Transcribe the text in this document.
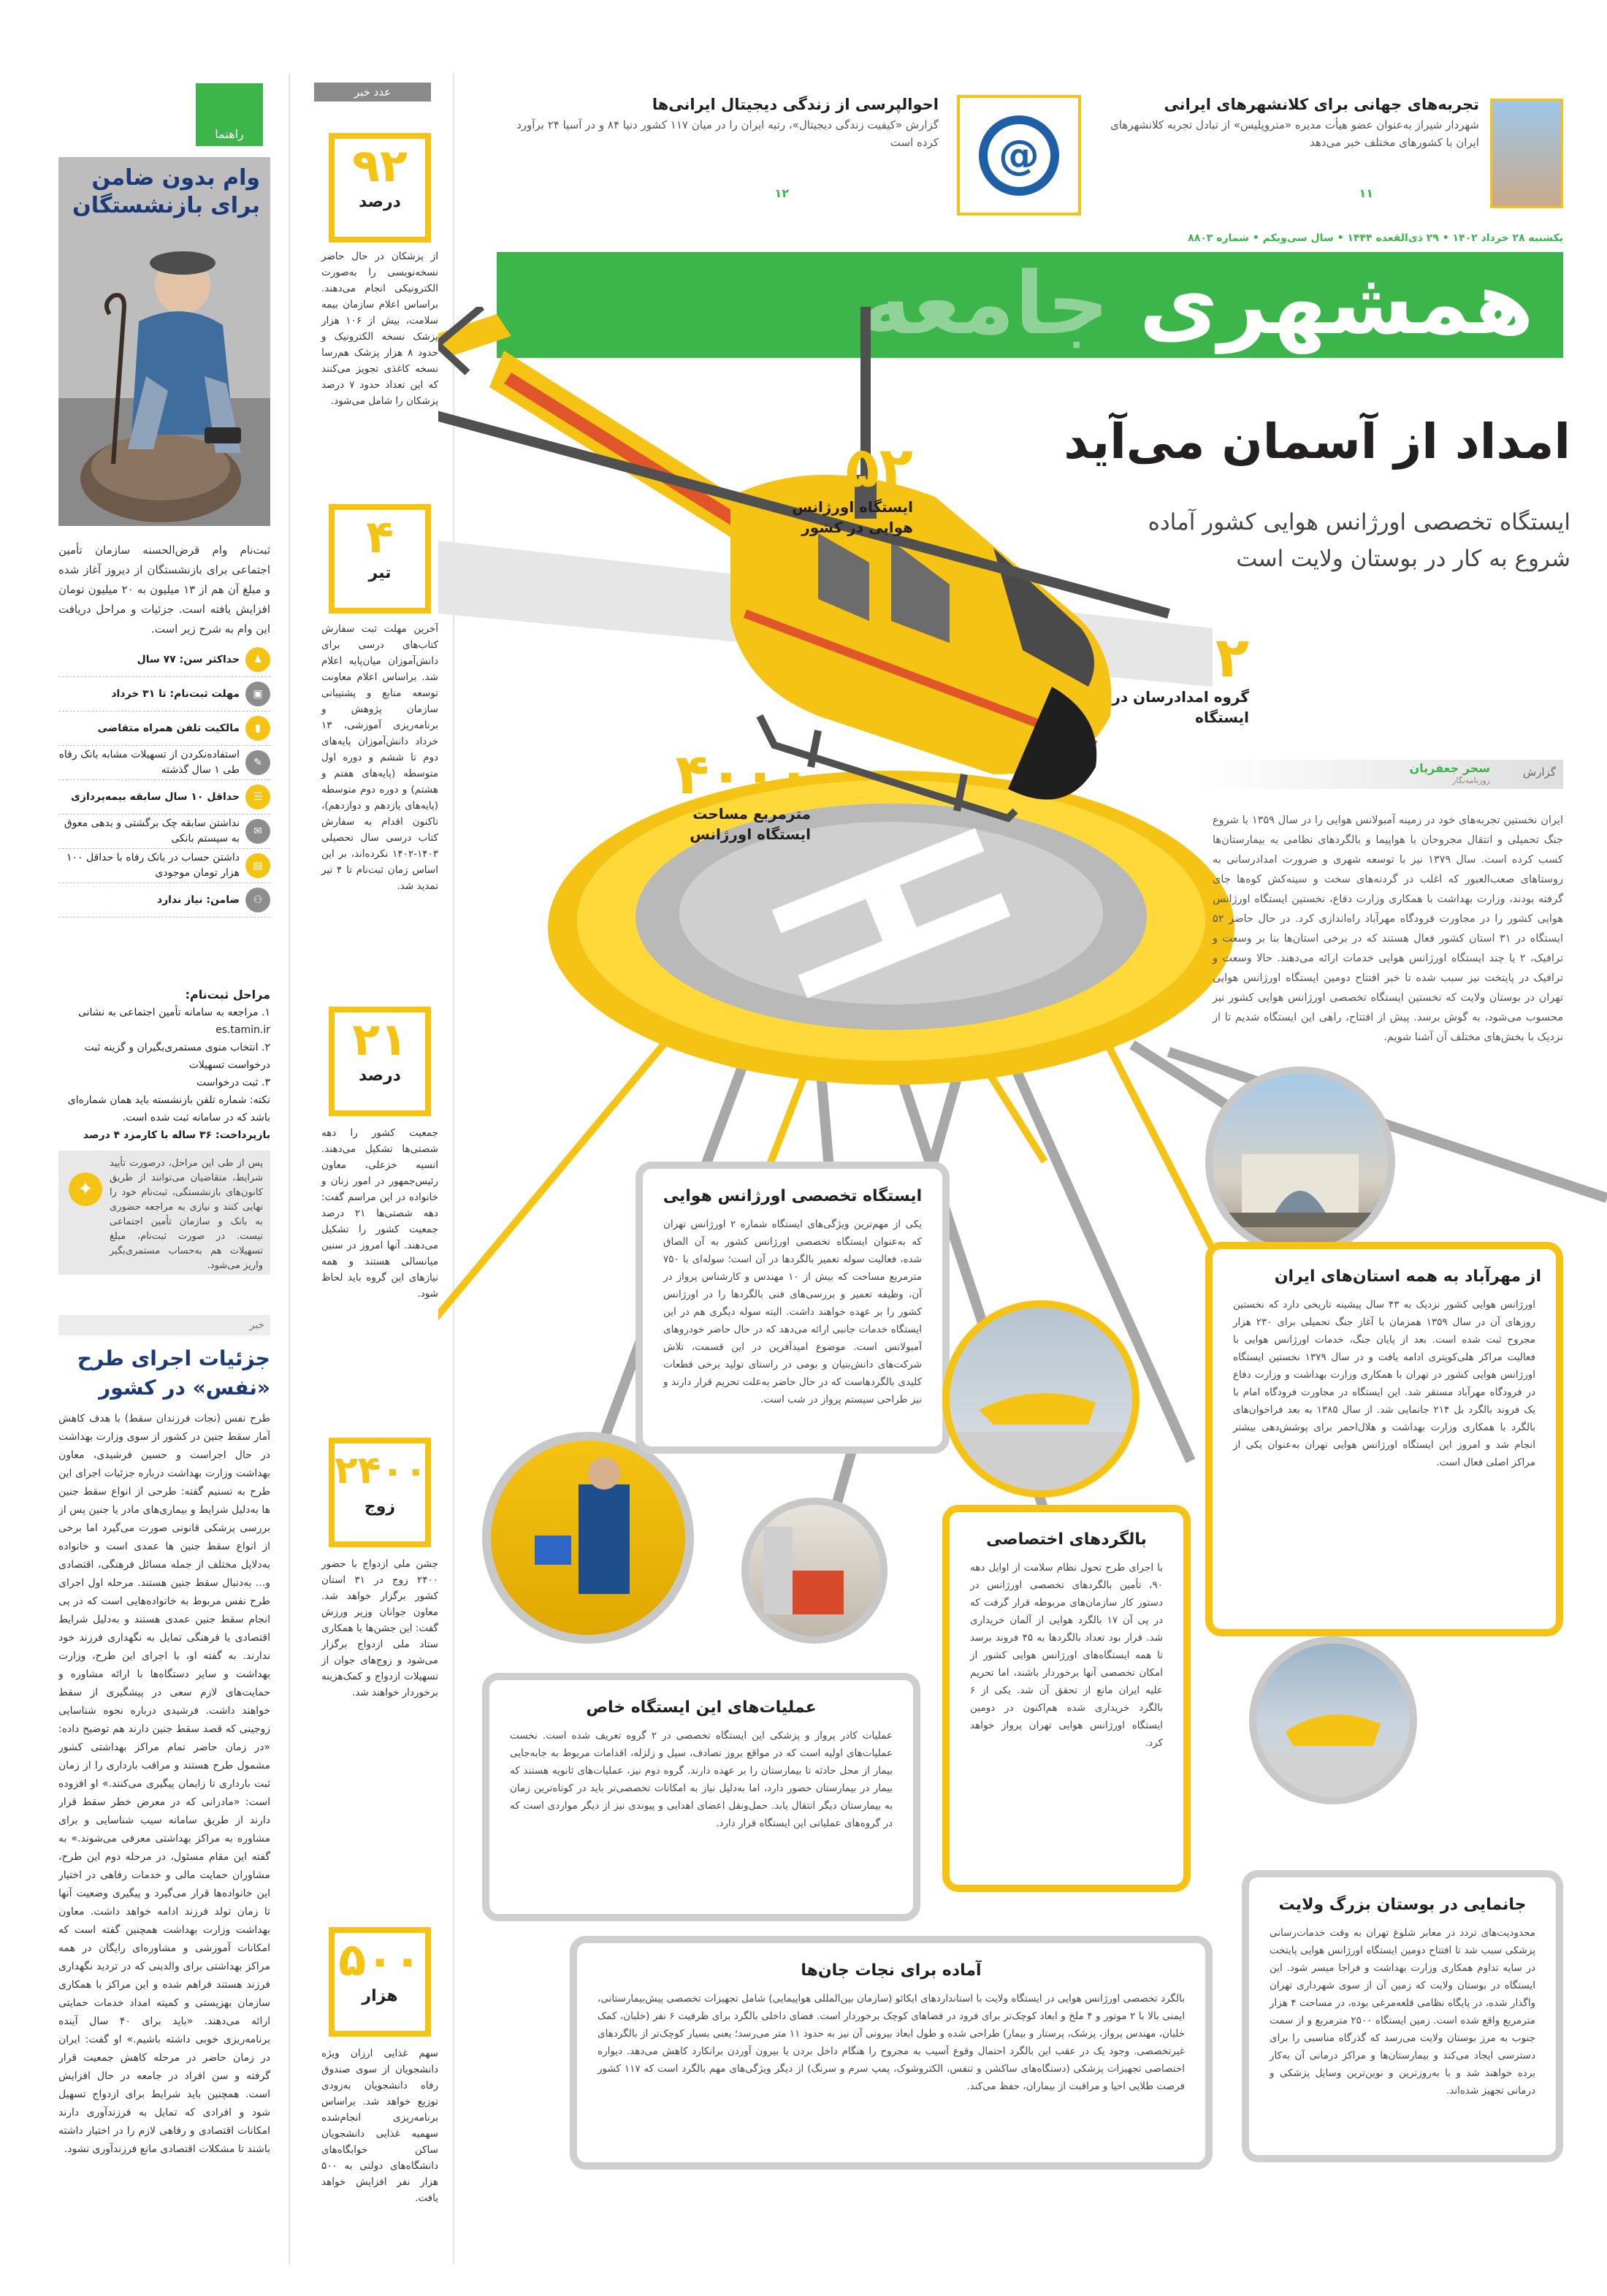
راهنما
وام بدون ضامن برای بازنشستگان
ثبت‌نام وام قرض‌الحسنه سازمان تأمین اجتماعی برای بازنشستگان از دیروز آغاز شده و مبلغ آن هم از ۱۳ میلیون به ۲۰ میلیون تومان افزایش یافته است. جزئیات و مراحل دریافت این وام به شرح زیر است.
♟
حداکثر سن: ۷۷ سال
▣
مهلت ثبت‌نام: تا ۳۱ خرداد
▮
مالکیت تلفن همراه متقاضی
✎
استفاده‌نکردن از تسهیلات مشابه بانک رفاه طی ۱ سال گذشته
☰
حداقل ۱۰ سال سابقه بیمه‌پردازی
✉
نداشتن سابقه چک برگشتی و بدهی معوق به سیستم بانکی
▤
داشتن حساب در بانک رفاه با حداقل ۱۰۰ هزار تومان موجودی
⚇
ضامن: نیاز ندارد
مراحل ثبت‌نام:
۱. مراجعه به سامانه تأمین اجتماعی به نشانی es.tamin.ir
۲. انتخاب منوی مستمری‌بگیران و گزینه ثبت درخواست تسهیلات
۳. ثبت درخواست
نکته: شماره تلفن بازنشسته باید همان شماره‌ای باشد که در سامانه ثبت شده است.
بازپرداخت: ۳۶ ساله با کارمزد ۴ درصد
✦
پس از طی این مراحل، درصورت تأیید شرایط، متقاضیان می‌توانند از طریق کانون‌های بازنشستگی، ثبت‌نام خود را نهایی کنند و نیازی به مراجعه حضوری به بانک و سازمان تأمین اجتماعی نیست. در صورت ثبت‌نام، مبلغ تسهیلات هم به‌حساب مستمری‌بگیر واریز می‌شود.
خبر
جزئیات اجرای طرح «نفس» در کشور
طرح نفس (نجات فرزندان سقط) با هدف کاهش آمار سقط جنین در کشور از سوی وزارت بهداشت در حال اجراست و حسین فرشیدی، معاون بهداشت وزارت بهداشت درباره جزئیات اجرای این طرح به تسنیم گفته: طرحی از انواع سقط جنین ها به‌دلیل شرایط و بیماری‌های مادر یا جنین پس از بررسی پزشکی قانونی صورت می‌گیرد اما برخی از انواع سقط جنین ها عمدی است و خانواده به‌دلایل مختلف از جمله مسائل فرهنگی، اقتصادی و... به‌دنبال سقط جنین هستند. مرحله اول اجرای طرح نفس مربوط به خانواده‌هایی است که در پی انجام سقط جنین عمدی هستند و به‌دلیل شرایط اقتصادی یا فرهنگی تمایل به نگهداری فرزند خود ندارند. به گفته او، با اجرای این طرح، وزارت بهداشت و سایر دستگاه‌ها با ارائه مشاوره و حمایت‌های لازم سعی در پیشگیری از سقط خواهند داشت. فرشیدی درباره نحوه شناسایی زوجینی که قصد سقط جنین دارند هم توضیح داده: «در زمان حاضر تمام مراکز بهداشتی کشور مشمول طرح هستند و مراقب بارداری را از زمان ثبت بارداری تا زایمان پیگیری می‌کنند.» او افزوده است: «مادرانی که در معرض خطر سقط قرار دارند از طریق سامانه سیب شناسایی و برای مشاوره به مراکز بهداشتی معرفی می‌شوند.» به گفته این مقام مسئول، در مرحله دوم این طرح، مشاوران حمایت مالی و خدمات رفاهی در اختیار این خانواده‌ها قرار می‌گیرد و پیگیری وضعیت آنها تا زمان تولد فرزند ادامه خواهد داشت. معاون بهداشت وزارت بهداشت همچنین گفته است که امکانات آموزشی و مشاوره‌ای رایگان در همه مراکز بهداشتی برای والدینی که در تردید نگهداری فرزند هستند فراهم شده و این مراکز با همکاری سازمان بهزیستی و کمیته امداد خدمات حمایتی ارائه می‌دهند. «باید برای ۴۰ سال آینده برنامه‌ریزی خوبی داشته باشیم.» او گفت: ایران در زمان حاضر در مرحله کاهش جمعیت قرار گرفته و سن افراد در جامعه در حال افزایش است. همچنین باید شرایط برای ازدواج تسهیل شود و افرادی که تمایل به فرزندآوری دارند امکانات اقتصادی و رفاهی لازم را در اختیار داشته باشند تا مشکلات اقتصادی مانع فرزندآوری نشود.
عدد خبر
۹۲
درصد
از پزشکان در حال حاضر نسخه‌نویسی را به‌صورت الکترونیکی انجام می‌دهند. براساس اعلام سازمان بیمه سلامت، بیش از ۱۰۶ هزار پزشک نسخه الکترونیک و حدود ۸ هزار پزشک هم‌رسا نسخه کاغذی تجویز می‌کنند که این تعداد حدود ۷ درصد پزشکان را شامل می‌شود.
۴
تیر
آخرین مهلت ثبت سفارش کتاب‌های درسی برای دانش‌آموزان میان‌پایه اعلام شد. براساس اعلام معاونت توسعه منابع و پشتیبانی سازمان پژوهش و برنامه‌ریزی آموزشی، ۱۳ خرداد دانش‌آموزان پایه‌های دوم تا ششم و دوره اول متوسطه (پایه‌های هفتم و هشتم) و دوره دوم متوسطه (پایه‌های یازدهم و دوازدهم)، تاکنون اقدام به سفارش کتاب درسی سال تحصیلی ۱۴۰۳-۱۴۰۲ نکرده‌اند، بر این اساس زمان ثبت‌نام تا ۴ تیر تمدید شد.
۲۱
درصد
جمعیت کشور را دهه شصتی‌ها تشکیل می‌دهند. انسیه خزعلی، معاون رئیس‌جمهور در امور زنان و خانواده در این مراسم گفت: دهه شصتی‌ها ۲۱ درصد جمعیت کشور را تشکیل می‌دهند. آنها امروز در سنین میانسالی هستند و همه نیازهای این گروه باید لحاظ شود.
۲۴۰۰
زوج
جشن ملی ازدواج با حضور ۲۴۰۰ زوج در ۳۱ استان کشور برگزار خواهد شد. معاون جوانان وزیر ورزش گفت: این جشن‌ها با همکاری ستاد ملی ازدواج برگزار می‌شود و زوج‌های جوان از تسهیلات ازدواج و کمک‌هزینه برخوردار خواهند شد.
۵۰۰
هزار
سهم غذایی ارزان ویژه دانشجویان از سوی صندوق رفاه دانشجویان به‌زودی توزیع خواهد شد. براساس برنامه‌ریزی انجام‌شده سهمیه غذایی دانشجویان ساکن خوابگاه‌های دانشگاه‌های دولتی به ۵۰۰ هزار نفر افزایش خواهد یافت.
تجربه‌های جهانی برای کلانشهرهای ایرانی
شهردار شیراز به‌عنوان عضو هیأت مدیره «متروپلیس» از تبادل تجربه کلانشهرهای ایران با کشورهای مختلف خبر می‌دهد
۱۱
@
احوالپرسی از زندگی دیجیتال ایرانی‌ها
گزارش «کیفیت زندگی دیجیتال»، رتبه ایران را در میان ۱۱۷ کشور دنیا ۸۴ و در آسیا ۲۴ برآورد کرده است
۱۲
یکشنبه ۲۸ خرداد ۱۴۰۲ • ۲۹ ذی‌القعده ۱۴۴۴ • سال سی‌ویکم • شماره ۸۸۰۳
همشهری جامعه
امداد از آسمان می‌آید
ایستگاه تخصصی اورژانس هوایی کشور آماده
شروع به کار در بوستان ولایت است
۵۲
ایستگاه اورژانس هوایی در کشور
۲
گروه امدادرسان در ایستگاه
۴۰۰۰
مترمربع مساحت ایستگاه اورژانس
گزارش
سحر جعفریان
روزنامه‌نگار
ایران نخستین تجربه‌های خود در زمینه آمبولانس هوایی را در سال ۱۳۵۹ با شروع جنگ تحمیلی و انتقال مجروحان با هواپیما و بالگردهای نظامی به بیمارستان‌ها کسب کرده است. سال ۱۳۷۹ نیز با توسعه شهری و ضرورت امدادرسانی به روستاهای صعب‌العبور که اغلب در گردنه‌های سخت و سینه‌کش کوه‌ها جای گرفته بودند، وزارت بهداشت با همکاری وزارت دفاع، نخستین ایستگاه اورژانس هوایی کشور را در مجاورت فرودگاه مهرآباد راه‌اندازی کرد. در حال حاضر ۵۲ ایستگاه در ۳۱ استان کشور فعال هستند که در برخی استان‌ها بنا بر وسعت و ترافیک، ۲ یا چند ایستگاه اورژانس هوایی خدمات ارائه می‌دهند. حالا وسعت و ترافیک در پایتخت نیز سبب شده تا خبر افتتاح دومین ایستگاه اورژانس هوایی تهران در بوستان ولایت که نخستین ایستگاه تخصصی اورژانس هوایی کشور نیز محسوب می‌شود، به گوش برسد. پیش از افتتاح، راهی این ایستگاه شدیم تا از نزدیک با بخش‌های مختلف آن آشنا شویم.
ایستگاه تخصصی اورژانس هوایی
یکی از مهم‌ترین ویژگی‌های ایستگاه شماره ۲ اورژانس تهران که به‌عنوان ایستگاه تخصصی اورژانس کشور به آن الصاق شده، فعالیت سوله تعمیر بالگردها در آن است؛ سوله‌ای با ۷۵۰ مترمربع مساحت که بیش از ۱۰ مهندس و کارشناس پرواز در آن، وظیفه تعمیر و بررسی‌های فنی بالگردها را در اورژانس کشور را بر عهده خواهند داشت. البته سوله دیگری هم در این ایستگاه خدمات جانبی ارائه می‌دهد که در حال حاضر خودروهای آمبولانس است. موضوع امیدآفرین در این قسمت، تلاش شرکت‌های دانش‌بنیان و بومی در راستای تولید برخی قطعات کلیدی بالگردهاست که در حال حاضر به‌علت تحریم قرار دارند و نیز طراحی سیستم پرواز در شب است.
از مهرآباد به همه استان‌های ایران
اورژانس هوایی کشور نزدیک به ۴۳ سال پیشینه تاریخی دارد که نخستین روزهای آن در سال ۱۳۵۹ همزمان با آغاز جنگ تحمیلی برای ۲۳۰ هزار مجروح ثبت شده است. بعد از پایان جنگ، خدمات اورژانس هوایی با فعالیت مراکز هلی‌کوپتری ادامه یافت و در سال ۱۳۷۹ نخستین ایستگاه اورژانس هوایی کشور در تهران با همکاری وزارت بهداشت و وزارت دفاع در فرودگاه مهرآباد مستقر شد. این ایستگاه در مجاورت فرودگاه امام با یک فروند بالگرد بل ۲۱۴ جانمایی شد. از سال ۱۳۸۵ به بعد فراخوان‌های بالگرد با همکاری وزارت بهداشت و هلال‌احمر برای پوشش‌دهی بیشتر انجام شد و امروز این ایستگاه اورژانس هوایی تهران به‌عنوان یکی از مراکز اصلی فعال است.
بالگردهای اختصاصی
با اجرای طرح تحول نظام سلامت از اوایل دهه ۹۰، تأمین بالگردهای تخصصی اورژانس در دستور کار سازمان‌های مربوطه قرار گرفت که در پی آن ۱۷ بالگرد هوایی از آلمان خریداری شد. قرار بود تعداد بالگردها به ۴۵ فروند برسد تا همه ایستگاه‌های اورژانس هوایی کشور از امکان تخصصی آنها برخوردار باشند، اما تحریم علیه ایران مانع از تحقق آن شد. یکی از ۶ بالگرد خریداری شده هم‌اکنون در دومین ایستگاه اورژانس هوایی تهران پرواز خواهد کرد.
عملیات‌های این ایستگاه خاص
عملیات کادر پرواز و پزشکی این ایستگاه تخصصی در ۲ گروه تعریف شده است. نخست عملیات‌های اولیه است که در مواقع بروز تصادف، سیل و زلزله، اقدامات مربوط به جابه‌جایی بیمار از محل حادثه تا بیمارستان را بر عهده دارند. گروه دوم نیز، عملیات‌های ثانویه هستند که بیمار در بیمارستان حضور دارد، اما به‌دلیل نیاز به امکانات تخصصی‌تر باید در کوتاه‌ترین زمان به بیمارستان دیگر انتقال یابد. حمل‌ونقل اعضای اهدایی و پیوندی نیز از دیگر مواردی است که در گروه‌های عملیاتی این ایستگاه قرار دارد.
آماده برای نجات جان‌ها
بالگرد تخصصی اورژانس هوایی در ایستگاه ولایت با استانداردهای ایکائو (سازمان بین‌المللی هواپیمایی) شامل تجهیزات تخصصی پیش‌بیمارستانی، ایمنی بالا با ۲ موتور و ۴ ملخ و ابعاد کوچک‌تر برای فرود در فضاهای کوچک برخوردار است. فضای داخلی بالگرد برای ظرفیت ۶ نفر (خلبان، کمک خلبان، مهندس پرواز، پزشک، پرستار و بیمار) طراحی شده و طول ابعاد بیرونی آن نیز به حدود ۱۱ متر می‌رسد؛ یعنی بسیار کوچک‌تر از بالگردهای غیرتخصصی. وجود یک در عقب این بالگرد احتمال وقوع آسیب به مجروح را هنگام داخل بردن یا بیرون آوردن برانکارد کاهش می‌دهد. دیواره اختصاصی تجهیزات پزشکی (دستگاه‌های ساکشن و تنفس، الکتروشوک، پمپ سرم و سرنگ) از دیگر ویژگی‌های مهم بالگرد است که ۱۱۷ کشور فرصت طلایی احیا و مراقبت از بیماران، حفظ می‌کند.
جانمایی در بوستان بزرگ ولایت
محدودیت‌های تردد در معابر شلوغ تهران به وقت خدمات‌رسانی پزشکی سبب شد تا افتتاح دومین ایستگاه اورژانس هوایی پایتخت در سایه تداوم همکاری وزارت بهداشت و فراجا میسر شود. این ایستگاه در بوستان ولایت که زمین آن از سوی شهرداری تهران واگذار شده، در پایگاه نظامی قلعه‌مرغی بوده، در مساحت ۴ هزار مترمربع واقع شده است. زمین ایستگاه ۲۵۰۰ مترمربع و از سمت جنوب به مرز بوستان ولایت می‌رسد که گذرگاه مناسبی را برای دسترسی ایجاد می‌کند و بیمارستان‌ها و مراکز درمانی آن به‌کار برده خواهند شد و با به‌روزترین و نوین‌ترین وسایل پزشکی و درمانی تجهیز شده‌اند.
